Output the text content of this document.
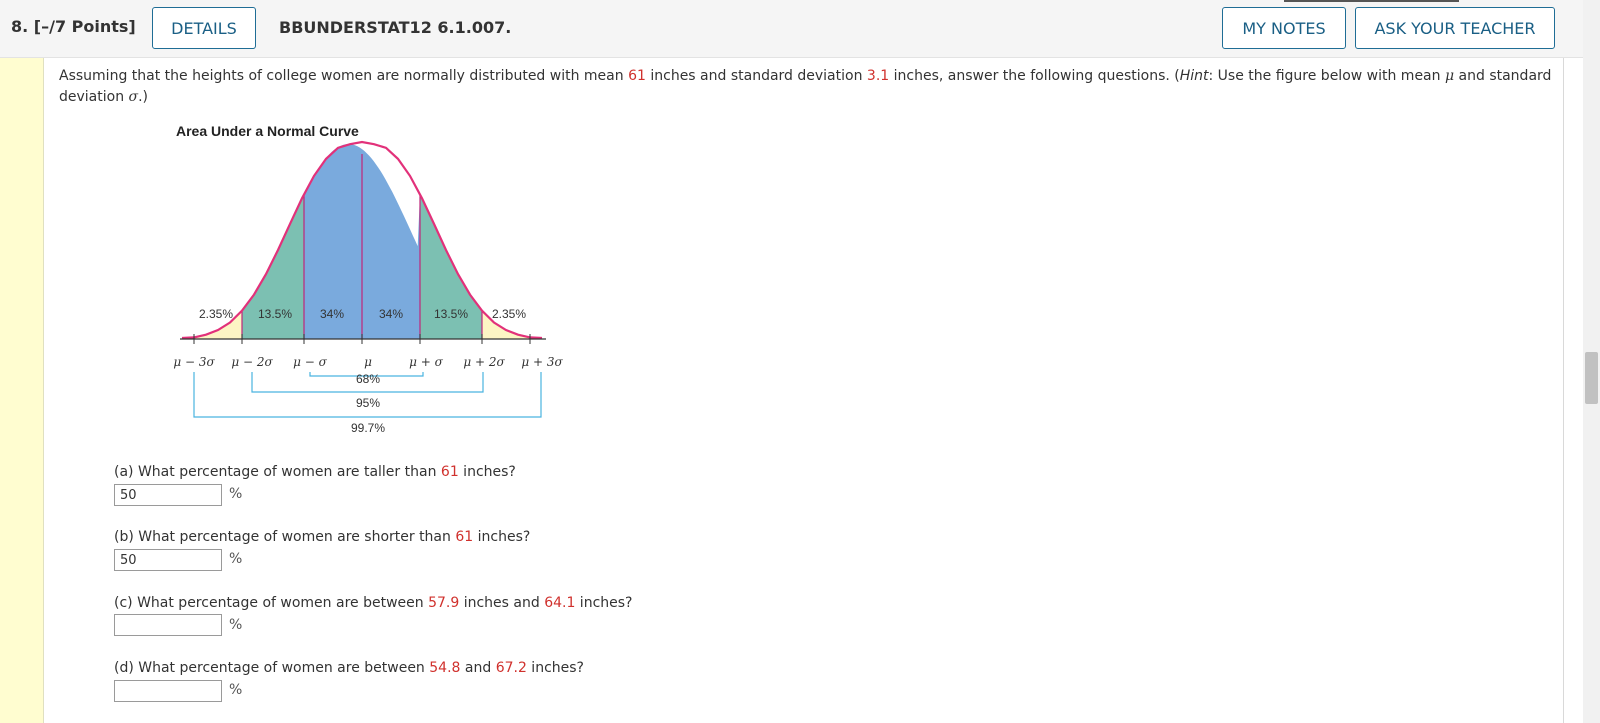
8. [–/7 Points]	DETAILS	BBUNDERSTAT12 6.1.007.	MY NOTES	ASK YOUR TEACHER
Assuming that the heights of college women are normally distributed with mean 61 inches and standard deviation 3.1 inches, answer the following questions. (Hint: Use the figure below with mean μ and standard deviation σ.)
Area Under a Normal Curve
2.35% 13.5% 34%	34%	13.5% 2.35%
μ − 3σ μ − 2σ μ − σ	μ	μ + σ μ + 2σ μ + 3σ
68%
95%
99.7%
(a) What percentage of women are taller than 61 inches?
50
%
(b) What percentage of women are shorter than 61 inches?
50
%
(c) What percentage of women are between 57.9 inches and 64.1 inches?
%
(d) What percentage of women are between 54.8 and 67.2 inches?
%
